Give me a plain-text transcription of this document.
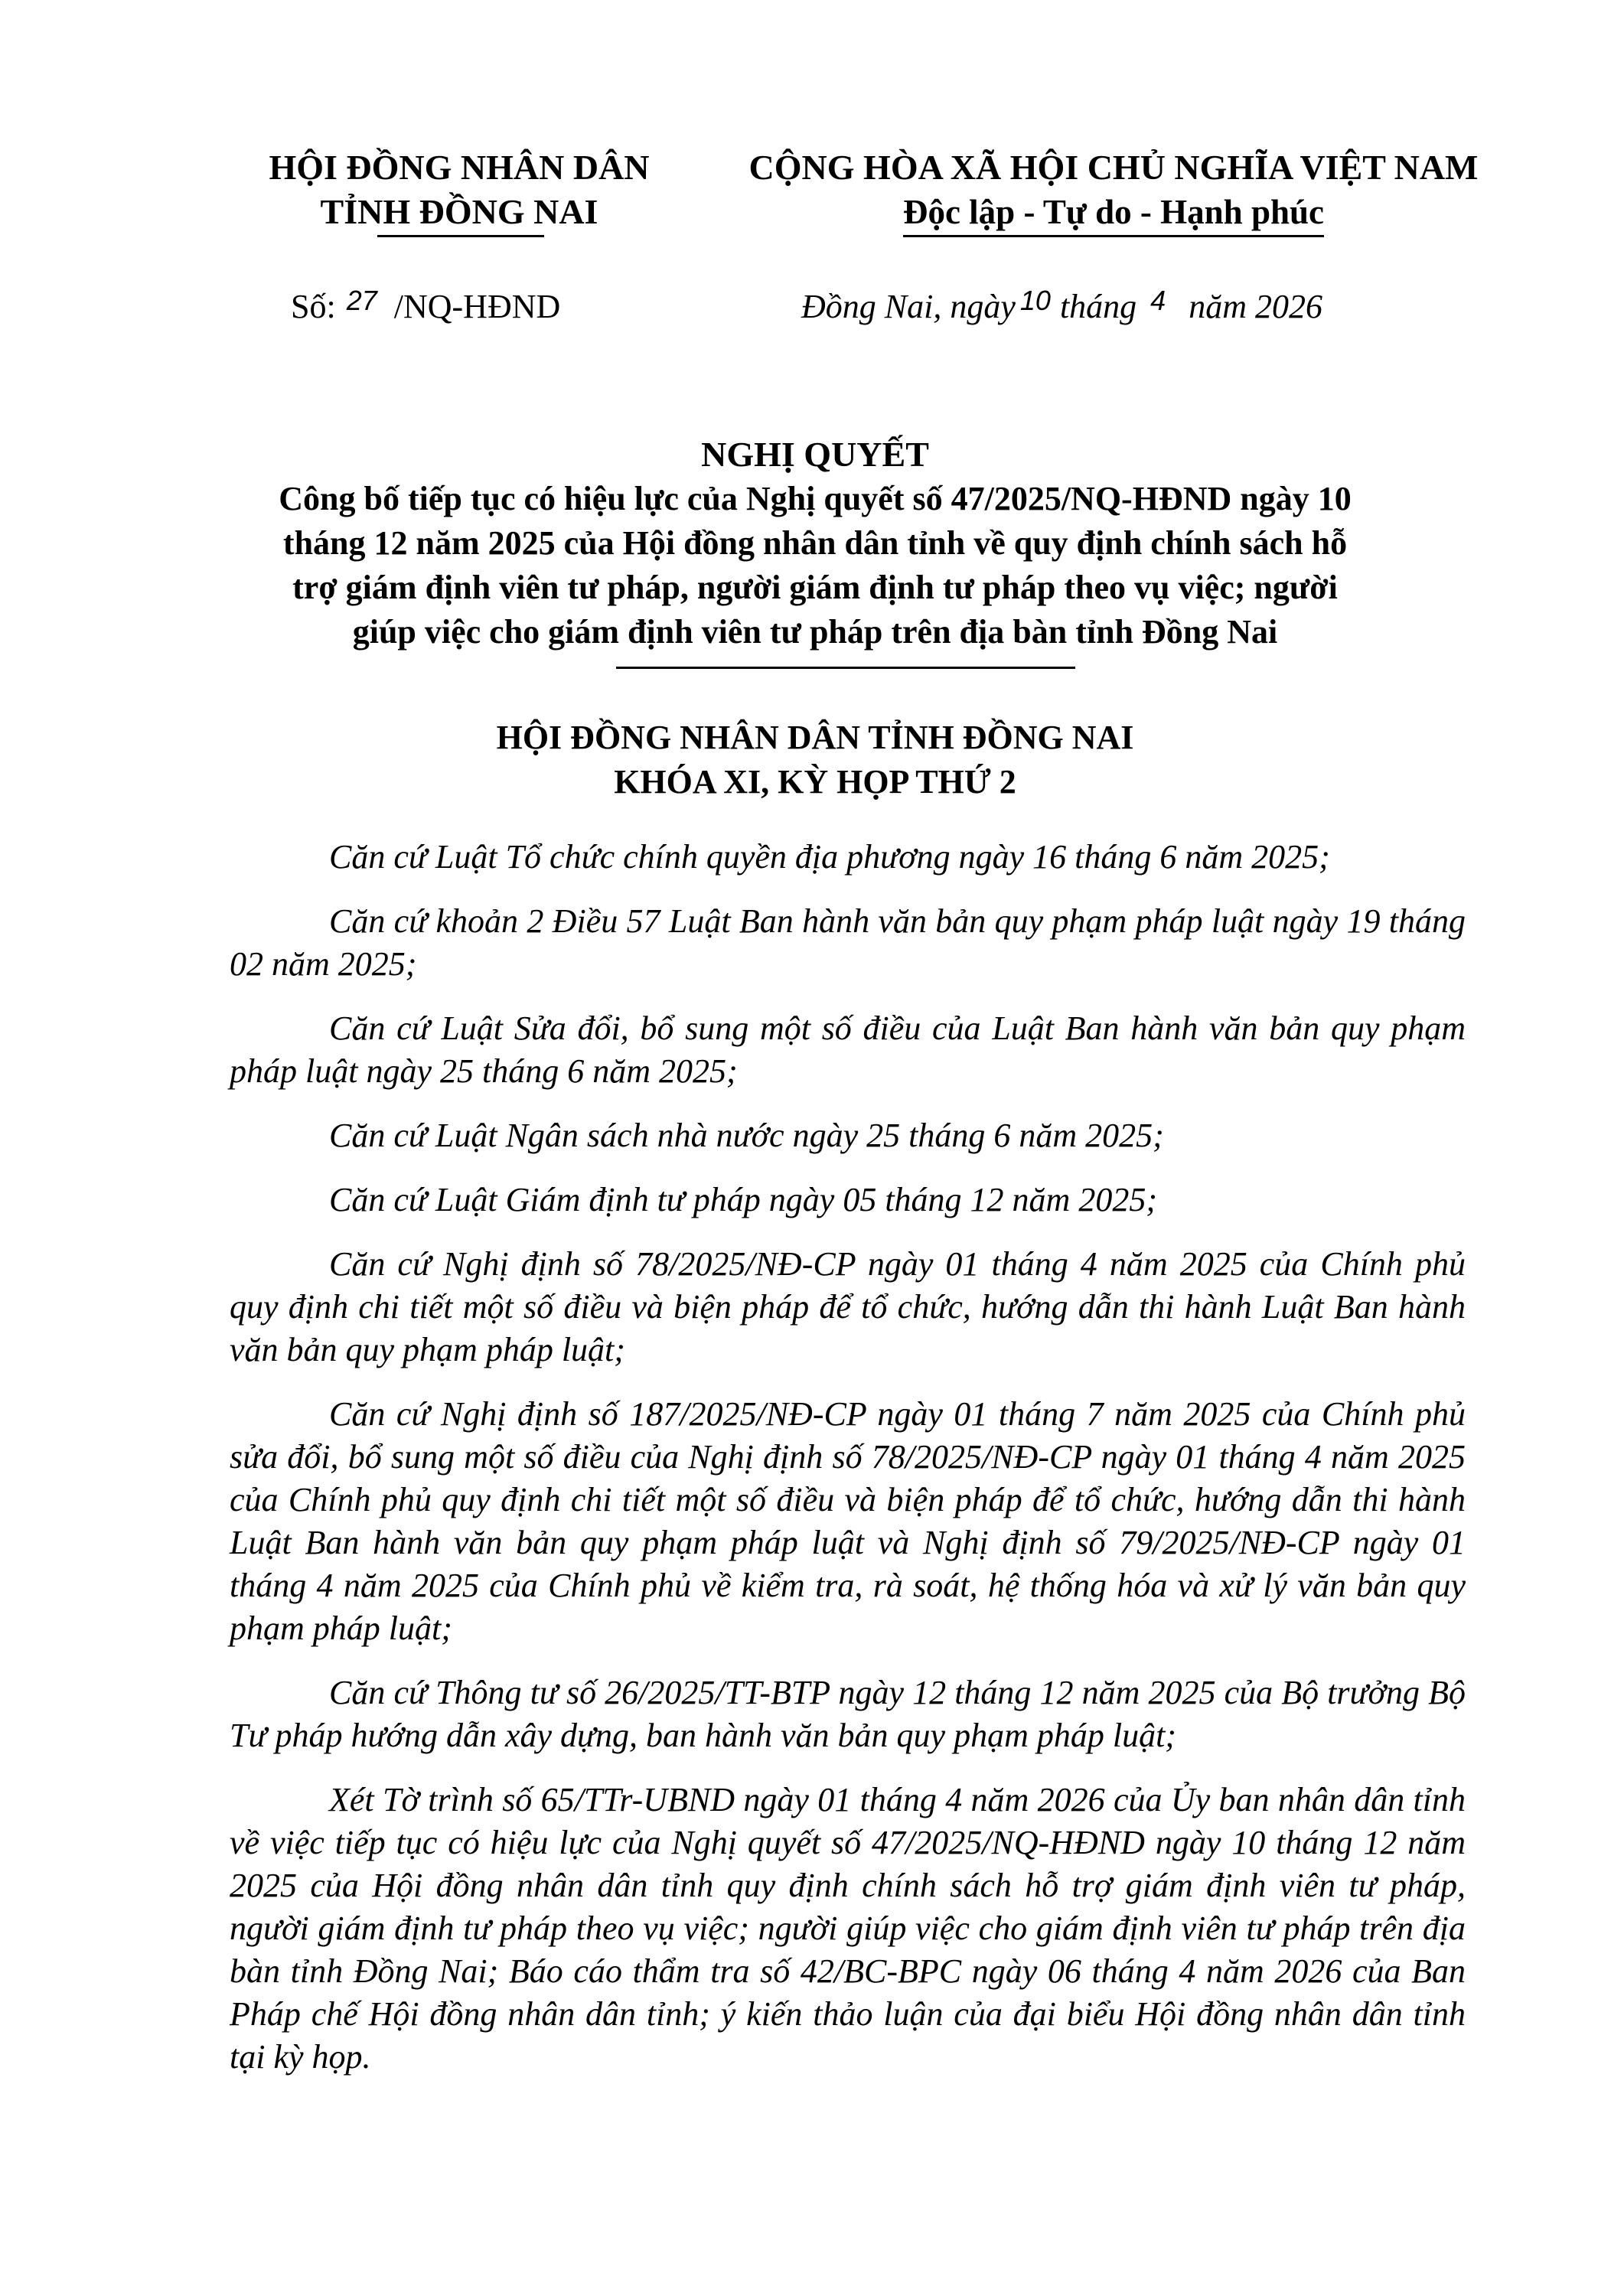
HỘI ĐỒNG NHÂN DÂN
TỈNH ĐỒNG NAI
CỘNG HÒA XÃ HỘI CHỦ NGHĨA VIỆT NAM
Độc lập - Tự do - Hạnh phúc
Số: 27 /NQ-HĐND	Đồng Nai, ngày $^{10}$ tháng $^4$ năm 2026
NGHỊ QUYẾT
Công bố tiếp tục có hiệu lực của Nghị quyết số 47/2025/NQ-HĐND ngày 10
tháng 12 năm 2025 của Hội đồng nhân dân tỉnh về quy định chính sách hỗ
trợ giám định viên tư pháp, người giám định tư pháp theo vụ việc; người
giúp việc cho giám định viên tư pháp trên địa bàn tỉnh Đồng Nai
HỘI ĐỒNG NHÂN DÂN TỈNH ĐỒNG NAI
KHÓA XI, KỲ HỌP THỨ 2

Căn cứ Luật Tổ chức chính quyền địa phương ngày 16 tháng 6 năm 2025;

Căn cứ khoản 2 Điều 57 Luật Ban hành văn bản quy phạm pháp luật ngày 19 tháng 02 năm 2025;

Căn cứ Luật Sửa đổi, bổ sung một số điều của Luật Ban hành văn bản quy phạm pháp luật ngày 25 tháng 6 năm 2025;

Căn cứ Luật Ngân sách nhà nước ngày 25 tháng 6 năm 2025;

Căn cứ Luật Giám định tư pháp ngày 05 tháng 12 năm 2025;

Căn cứ Nghị định số 78/2025/NĐ-CP ngày 01 tháng 4 năm 2025 của Chính phủ quy định chi tiết một số điều và biện pháp để tổ chức, hướng dẫn thi hành Luật Ban hành văn bản quy phạm pháp luật;

Căn cứ Nghị định số 187/2025/NĐ-CP ngày 01 tháng 7 năm 2025 của Chính phủ sửa đổi, bổ sung một số điều của Nghị định số 78/2025/NĐ-CP ngày 01 tháng 4 năm 2025 của Chính phủ quy định chi tiết một số điều và biện pháp để tổ chức, hướng dẫn thi hành Luật Ban hành văn bản quy phạm pháp luật và Nghị định số 79/2025/NĐ-CP ngày 01 tháng 4 năm 2025 của Chính phủ về kiểm tra, rà soát, hệ thống hóa và xử lý văn bản quy phạm pháp luật;

Căn cứ Thông tư số 26/2025/TT-BTP ngày 12 tháng 12 năm 2025 của Bộ trưởng Bộ Tư pháp hướng dẫn xây dựng, ban hành văn bản quy phạm pháp luật;

Xét Tờ trình số 65/TTr-UBND ngày 01 tháng 4 năm 2026 của Ủy ban nhân dân tỉnh về việc tiếp tục có hiệu lực của Nghị quyết số 47/2025/NQ-HĐND ngày 10 tháng 12 năm 2025 của Hội đồng nhân dân tỉnh quy định chính sách hỗ trợ giám định viên tư pháp, người giám định tư pháp theo vụ việc; người giúp việc cho giám định viên tư pháp trên địa bàn tỉnh Đồng Nai; Báo cáo thẩm tra số 42/BC-BPC ngày 06 tháng 4 năm 2026 của Ban Pháp chế Hội đồng nhân dân tỉnh; ý kiến thảo luận của đại biểu Hội đồng nhân dân tỉnh tại kỳ họp.
